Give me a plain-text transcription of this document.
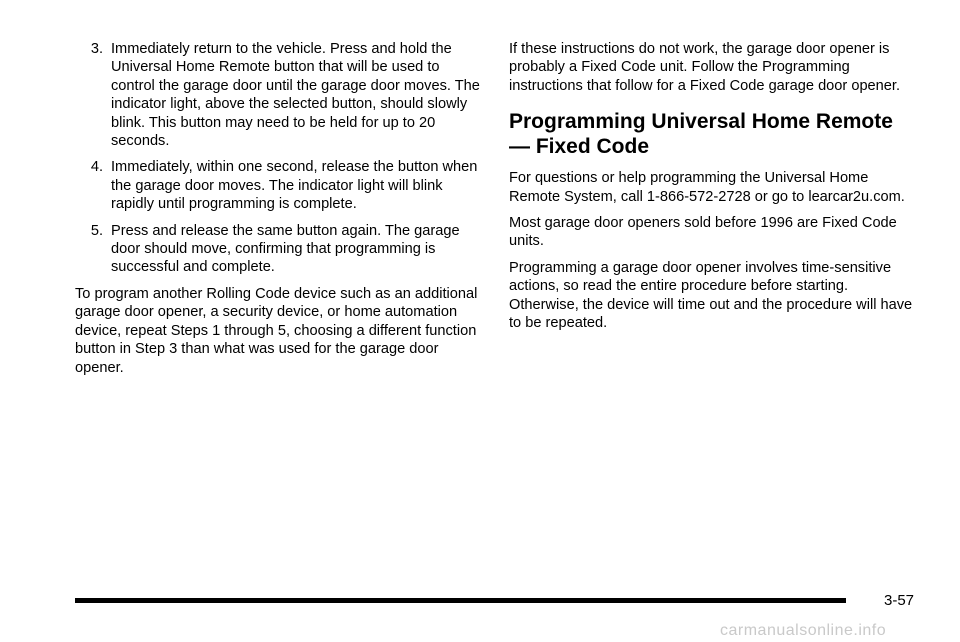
3. Immediately return to the vehicle. Press and hold the Universal Home Remote button that will be used to control the garage door until the garage door moves. The indicator light, above the selected button, should slowly blink. This button may need to be held for up to 20 seconds.
4. Immediately, within one second, release the button when the garage door moves. The indicator light will blink rapidly until programming is complete.
5. Press and release the same button again. The garage door should move, confirming that programming is successful and complete.

To program another Rolling Code device such as an additional garage door opener, a security device, or home automation device, repeat Steps 1 through 5, choosing a different function button in Step 3 than what was used for the garage door opener.

If these instructions do not work, the garage door opener is probably a Fixed Code unit. Follow the Programming instructions that follow for a Fixed Code garage door opener.

Programming Universal Home Remote — Fixed Code

For questions or help programming the Universal Home Remote System, call 1-866-572-2728 or go to learcar2u.com.

Most garage door openers sold before 1996 are Fixed Code units.

Programming a garage door opener involves time-sensitive actions, so read the entire procedure before starting. Otherwise, the device will time out and the procedure will have to be repeated.

3-57
carmanualsonline.info
